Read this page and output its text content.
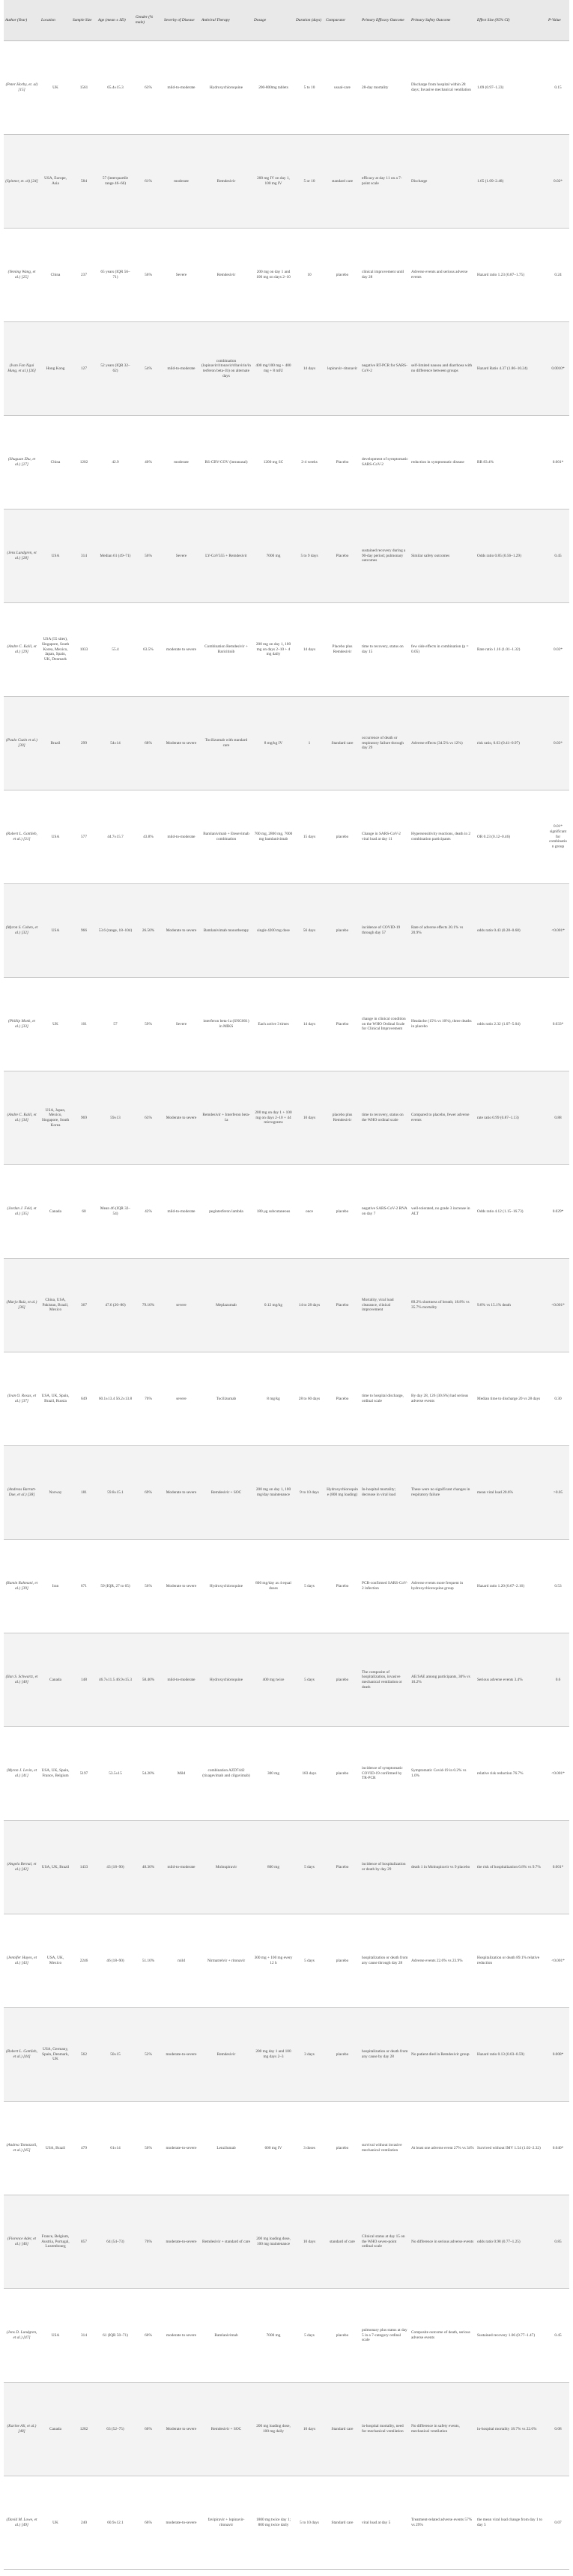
Author (Year)	Location	Sample Size	Age (mean ± SD)	Gender (% male)	Severity of Disease	Antiviral Therapy	Dosage	Duration (days)	Comparator	Primary Efficacy Outcome	Primary Safety Outcome	Effect Size (95% CI)	P-Value
(Peter Horby, et. al) [15]	UK	1561	65.4±15.3	63%	mild-to-moderate	Hydroxychloroquine	200-800mg tablets	5 to 10	usual-care	28-day mortality	Discharge from hospital within 28 days; Invasive mechanical ventilation	1.09 (0.97–1.23)	0.15
(Spinner, et. al) [24]	USA, Europe, Asia	584	57 (interquartile range 46–66)	61%	moderate	Remdesivir	200 mg IV on day 1, 100 mg IV	5 or 10	standard care	efficacy at day 11 on a 7-point scale	Discharge	1.65 (1.09–2.48)	0.02*
(Yeming Wang, et al.) [25]	China	237	65 years (IQR 56–71)	56%	Severe	Remdesivir	200 mg on day 1 and 100 mg on days 2–10	10	placebo	clinical improvement until day 28	Adverse events and serious adverse events	Hazard ratio 1.23 (0.87–1.75)	0.24
(Ivan Fan Ngai Hung, et al.) [26]	Hong Kong	127	52 years (IQR 32–62)	54%	mild-to-moderate	combination (lopinavir/ritonavir/ribavirin/interferon beta-1b) on alternate days	400 mg/100 mg + 400 mg + 8 mIU	14 days	lopinavir–ritonavir	negative RT-PCR for SARS-CoV-2	self-limited nausea and diarrhoea with no difference between groups	Hazard Ratio 4.37 (1.86–10.24)	0.0010*
(Shuguan Zhu, et al.) [27]	China	1202	42.9	40%	moderate	RS-CBV-COV (intranasal)	1200 mg SC	2-4 weeks	Placebo	development of symptomatic SARS-CoV-2	reduction in symptomatic disease	RR 83.4%	0.001*
(Jens Lundgren, et al.) [28]	USA	314	Median 61 (49–71)	56%	Severe	LY-CoV555 + Remdesivir	7000 mg	5 to 9 days	Placebo	sustained recovery during a 90-day period; pulmonary outcomes	Similar safety outcomes	Odds ratio 0.85 (0.56–1.29)	0.45
(Andre C. Kalil, et al.) [29]	USA (55 sites), Singapore, South Korea, Mexico, Japan, Spain, UK, Denmark	1033	55.4	63.5%	moderate to severe	Combination Remdesivir + Baricitinib	200 mg on day 1, 100 mg on days 2–10 + 4 mg daily	14 days	Placebo plus Remdesivir	time to recovery, status on day 15	few side effects in combination (p = 0.05)	Rate ratio 1.16 (1.01–1.32)	0.03*
(Paulo Cuzin et al.) [30]	Brazil	299	54±14	68%	Moderate to severe	Tocilizumab with standard care	8 mg/kg IV	1	Standard care	occurrence of death or respiratory failure through day 29	Adverse effects (34.5% vs 12%)	risk ratio, 0.63 (0.41–0.97)	0.03*
(Robert L. Gottlieb, et al.) [31]	USA	577	44.7±15.7	43.8%	mild-to-moderate	Bamlanivimab + Etesevimab combination	700 mg, 2800 mg, 7000 mg bamlanivimab	15 days	placebo	Change in SARS-CoV-2 viral load at day 11	Hypersensitivity reactions, death in 2 combination participants	OR 0.23 (0.12–0.46)	0.01* significant for combination group
(Myron S. Cohen, et al.) [32]	USA	966	53.6 (range, 18–104)	26.50%	Moderate to severe	Bamlanivimab monotherapy	single 4200 mg dose	56 days	placebo	incidence of COVID-19 through day 57	Rate of adverse effects 20.1% vs 20.9%	odds ratio 0.43 (0.28–0.68)	<0.001*
(Phillip Monk, et al.) [33]	UK	101	57	59%	Severe	interferon beta-1a (SNG001) in MIKS	Each active 3 times	14 days	Placebo	change in clinical condition on the WHO Ordinal Scale for Clinical Improvement	Headache (15% vs 10%), three deaths in placebo	odds ratio 2.32 (1.07–5.04)	0.033*
(Andre C. Kalil, et al.) [34]	USA, Japan, Mexico, Singapore, South Korea	969	59±13	63%	Moderate to severe	Remdesivir + Interferon beta-1a	200 mg on day 1 + 100 mg on days 2–10 + 44 micrograms	10 days	placebo plus Remdesivir	time to recovery, status on the WHO ordinal scale	Compared to placebo, fewer adverse events	rate ratio 0.99 (0.87–1.13)	0.88
(Jordan J. Feld, et al.) [35]	Canada	60	Mean 46 (IQR 32–54)	42%	mild-to-moderate	peginterferon lambda	180 μg subcutaneous	once	placebo	negative SARS-CoV-2 RNA on day 7	well-tolerated, no grade 3 increase in ALT	Odds ratio 4.12 (1.15–16.73)	0.029*
(Marjo Ruiz, et al.) [36]	China, USA, Pakistan, Brazil, Mexico	367	47.6 (20–80)	79.10%	severe	Meplazumab	0.12 mg/kg	14 to 28 days	Placebo	Mortality, viral load clearance, clinical improvement	89.2% shortness of breath; 18.8% vs 35.7% mortality	9.8% vs 15.1% death	<0.001*
(Ivan O. Rosas, et al.) [37]	USA, UK, Spain, Brazil, Russia	649	60.1±13.4 56.2±13.8	70%	severe	Tocilizumab	8 mg/kg	28 to 60 days	Placebo	time to hospital discharge, ordinal scale	By day 28, 126 (30.6%) had serious adverse events	Median time to discharge 20 vs 28 days	0.30
(Andreas Barratt-Due, et al.) [38]	Norway	181	59.8±15.1	69%	Moderate to severe	Remdesivir + SOC	200 mg on day 1, 100 mg/day maintenance	9 to 10 days	Hydroxychloroquine (800 mg loading)	In-hospital mortality; decrease in viral load	These were no significant changes in respiratory failure	mean viral load 20.6%	>0.05
(Ramin Rahmani, et al.) [39]	Iran	671	59 (IQR, 27 to 65)	56%	Moderate to severe	Hydroxychloroquine	800 mg/day as 4 equal doses	5 days	Placebo	PCR-confirmed SARS-CoV-2 infection	Adverse events more frequent in hydroxychloroquine group	Hazard ratio 1.20 (0.67–2.16)	0.53
(Ilan S. Schwartz, et al.) [40]	Canada	148	46.7±11.5 46.9±15.3	58.40%	mild-to-moderate	Hydroxychloroquine	400 mg twice	5 days	placebo	The composite of hospitalization, invasive mechanical ventilation or death	AE/SAE among participants, 30% vs 10.2%	Serious adverse events 3.4%	0.6
(Myron J. Levin, et al.) [41]	USA, UK, Spain, France, Belgium	5197	53.5±15	54.20%	Mild	combination AZD7442 (tixagevimab and cilgavimab)	300 mg	183 days	placebo	incidence of symptomatic COVID-19 confirmed by TR-PCR	Symptomatic Covid-19 in 0.2% vs 1.0%	relative risk reduction 76.7%	<0.001*
(Angela Bernal, et al.) [42]	USA, UK, Brazil	1433	43 (18–90)	48.30%	mild-to-moderate	Molnupiravir	800 mg	5 days	Placebo	incidence of hospitalization or death by day 29	death 1 in Molnupiravir vs 9 placebo	the risk of hospitalization 6.8% vs 9.7%	0.001*
(Jennifer Hayes, et al.) [43]	USA, UK, Mexico	2246	46 (18–90)	51.10%	mild	Nirmatrelvir + ritonavir	300 mg + 100 mg every 12 h	5 days	placebo	hospitalization or death from any cause through day 28	Adverse events 22.6% vs 23.9%	Hospitalization or death 89.1% relative reduction	<0.001*
(Robert L. Gottlieb, et al.) [44]	USA, Germany, Spain, Denmark, UK	562	50±15	52%	moderate-to-severe	Remdesivir	200 mg day 1 and 100 mg days 2–3	3 days	placebo	hospitalization or death from any cause by day 28	No patient died in Remdesivir group	Hazard ratio 0.13 (0.03–0.59)	0.008*
(Andrea Tomezzoli, et al.) [45]	USA, Brazil	479	61±14	50%	moderate-to-severe	Lenzilumab	600 mg IV	3 doses	placebo	survival without invasive mechanical ventilation	At least one adverse event 27% vs 34%	Survived without IMV 1.54 (1.02–2.32)	0.040*
(Florence Ader, et al.) [46]	France, Belgium, Austria, Portugal, Luxembourg	857	64 (54–73)	70%	moderate-to-severe	Remdesivir + standard of care	200 mg loading dose, 100 mg maintenance	10 days	standard of care	Clinical status at day 15 on the WHO seven-point ordinal scale	No difference in serious adverse events	odds ratio 0.98 (0.77–1.25)	0.85
(Jens D. Lundgren, et al.) [47]	USA	314	61 (IQR 50–71)	60%	moderate to severe	Bamlanivimab	7000 mg	5 days	placebo	pulmonary plus status at day 5 in a 7-category ordinal scale	Composite outcome of death, serious adverse events	Sustained recovery 1.06 (0.77–1.47)	0.45
(Karine Ali, et al.) [48]	Canada	1282	63 (52–75)	60%	Moderate to severe	Remdesivir + SOC	200 mg loading dose, 100 mg daily	10 days	Standard care	in-hospital mortality, need for mechanical ventilation	No difference in safety events, mechanical ventilation	in-hospital mortality 18.7% vs 22.6%	0.08
(David M. Lowe, et al.) [49]	UK	240	60.9±12.1	66%	moderate-to-severe	favipiravir + lopinavir-ritonavir	1800 mg twice day 1; 800 mg twice daily	5 to 10 days	Standard care	viral load at day 5	Treatment-related adverse events 57% vs 29%	the mean viral load change from day 1 to day 5	0.07
